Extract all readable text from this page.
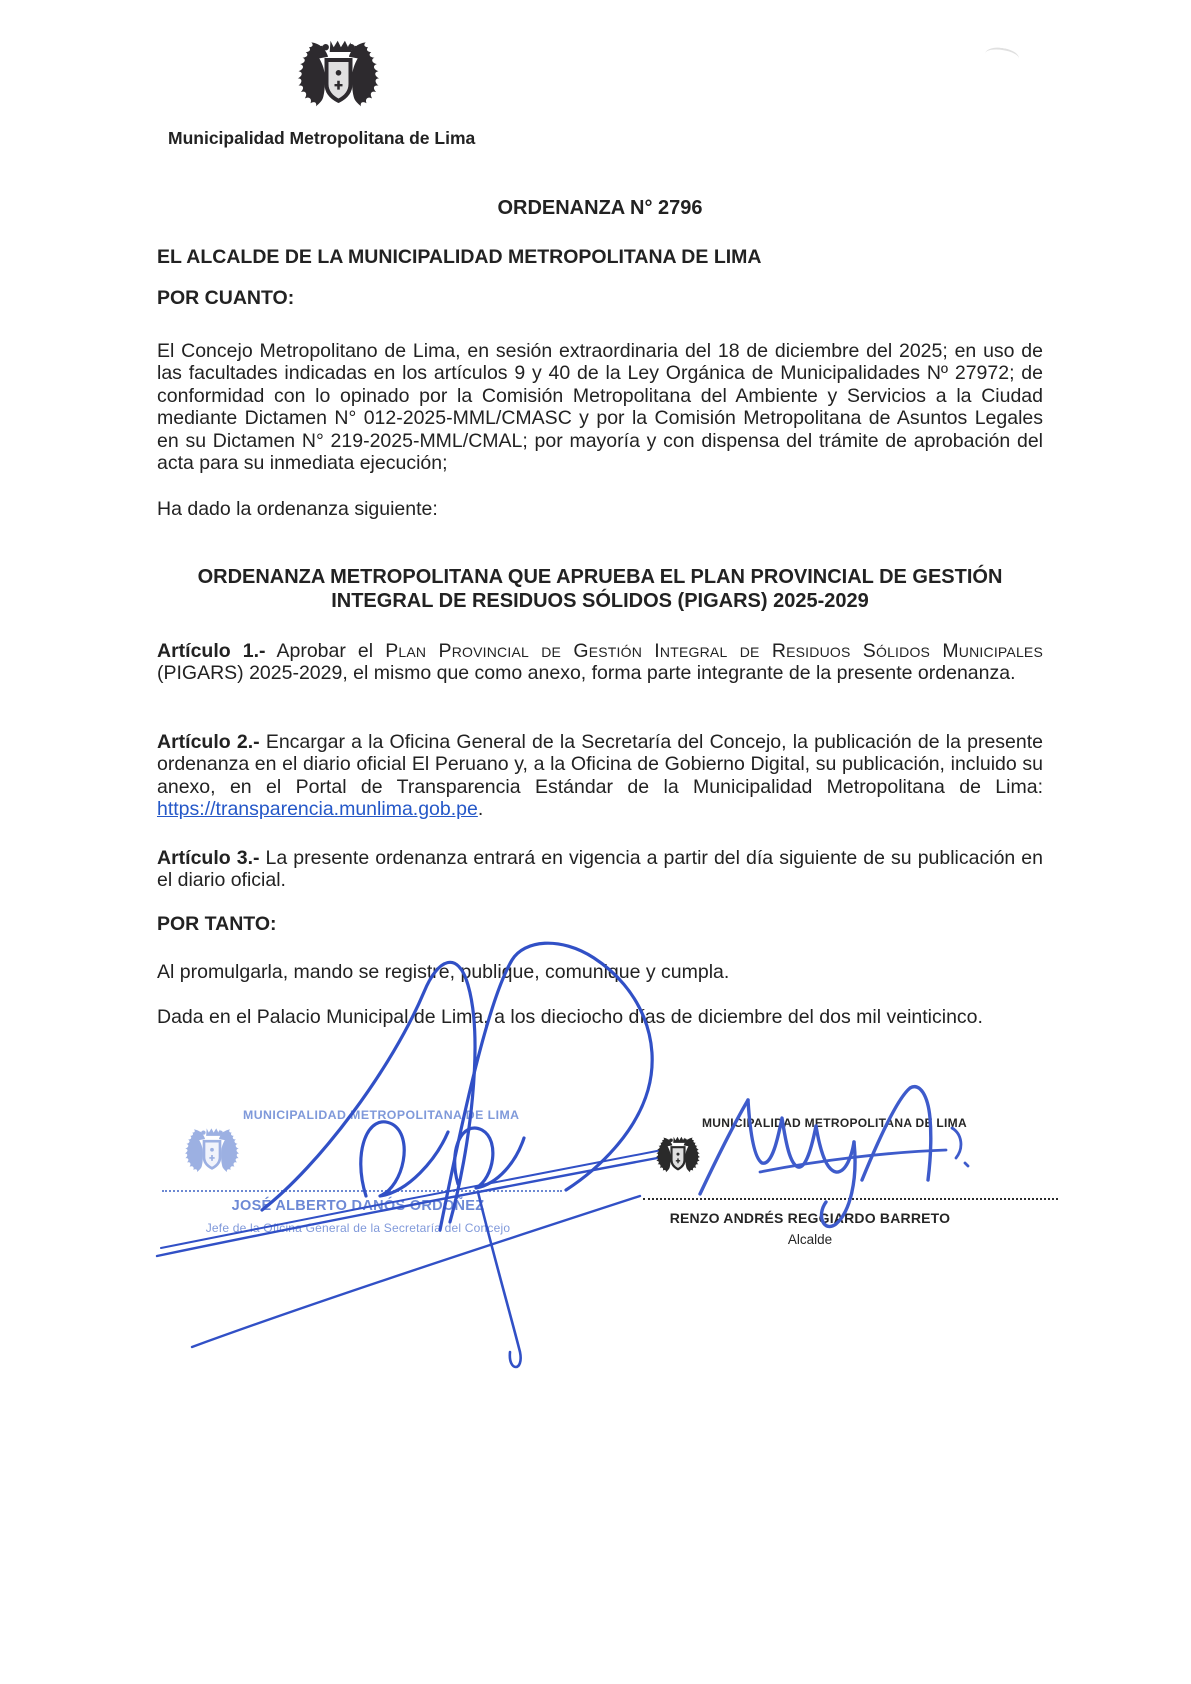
Municipalidad Metropolitana de Lima
ORDENANZA N° 2796
EL ALCALDE DE LA MUNICIPALIDAD METROPOLITANA DE LIMA
POR CUANTO:
El Concejo Metropolitano de Lima, en sesión extraordinaria del 18 de diciembre del 2025; en uso de las facultades indicadas en los artículos 9 y 40 de la Ley Orgánica de Municipalidades Nº 27972; de conformidad con lo opinado por la Comisión Metropolitana del Ambiente y Servicios a la Ciudad mediante Dictamen N° 012-2025-MML/CMASC y por la Comisión Metropolitana de Asuntos Legales en su Dictamen N° 219-2025-MML/CMAL; por mayoría y con dispensa del trámite de aprobación del acta para su inmediata ejecución;
Ha dado la ordenanza siguiente:
ORDENANZA METROPOLITANA QUE APRUEBA EL PLAN PROVINCIAL DE GESTIÓN
INTEGRAL DE RESIDUOS SÓLIDOS (PIGARS) 2025-2029
Artículo 1.- Aprobar el Plan Provincial de Gestión Integral de Residuos Sólidos Municipales (PIGARS) 2025-2029, el mismo que como anexo, forma parte integrante de la presente ordenanza.
Artículo 2.- Encargar a la Oficina General de la Secretaría del Concejo, la publicación de la presente ordenanza en el diario oficial El Peruano y, a la Oficina de Gobierno Digital, su publicación, incluido su anexo, en el Portal de Transparencia Estándar de la Municipalidad Metropolitana de Lima: https://transparencia.munlima.gob.pe.
Artículo 3.- La presente ordenanza entrará en vigencia a partir del día siguiente de su publicación en el diario oficial.
POR TANTO:
Al promulgarla, mando se registre, publique, comunique y cumpla.
Dada en el Palacio Municipal de Lima, a los dieciocho días de diciembre del dos mil veinticinco.
MUNICIPALIDAD METROPOLITANA DE LIMA
JOSÉ ALBERTO DANÓS ORDOÑEZ
Jefe de la Oficina General de la Secretaría del Concejo
MUNICIPALIDAD METROPOLITANA DE LIMA
RENZO ANDRÉS REGGIARDO BARRETO
Alcalde
